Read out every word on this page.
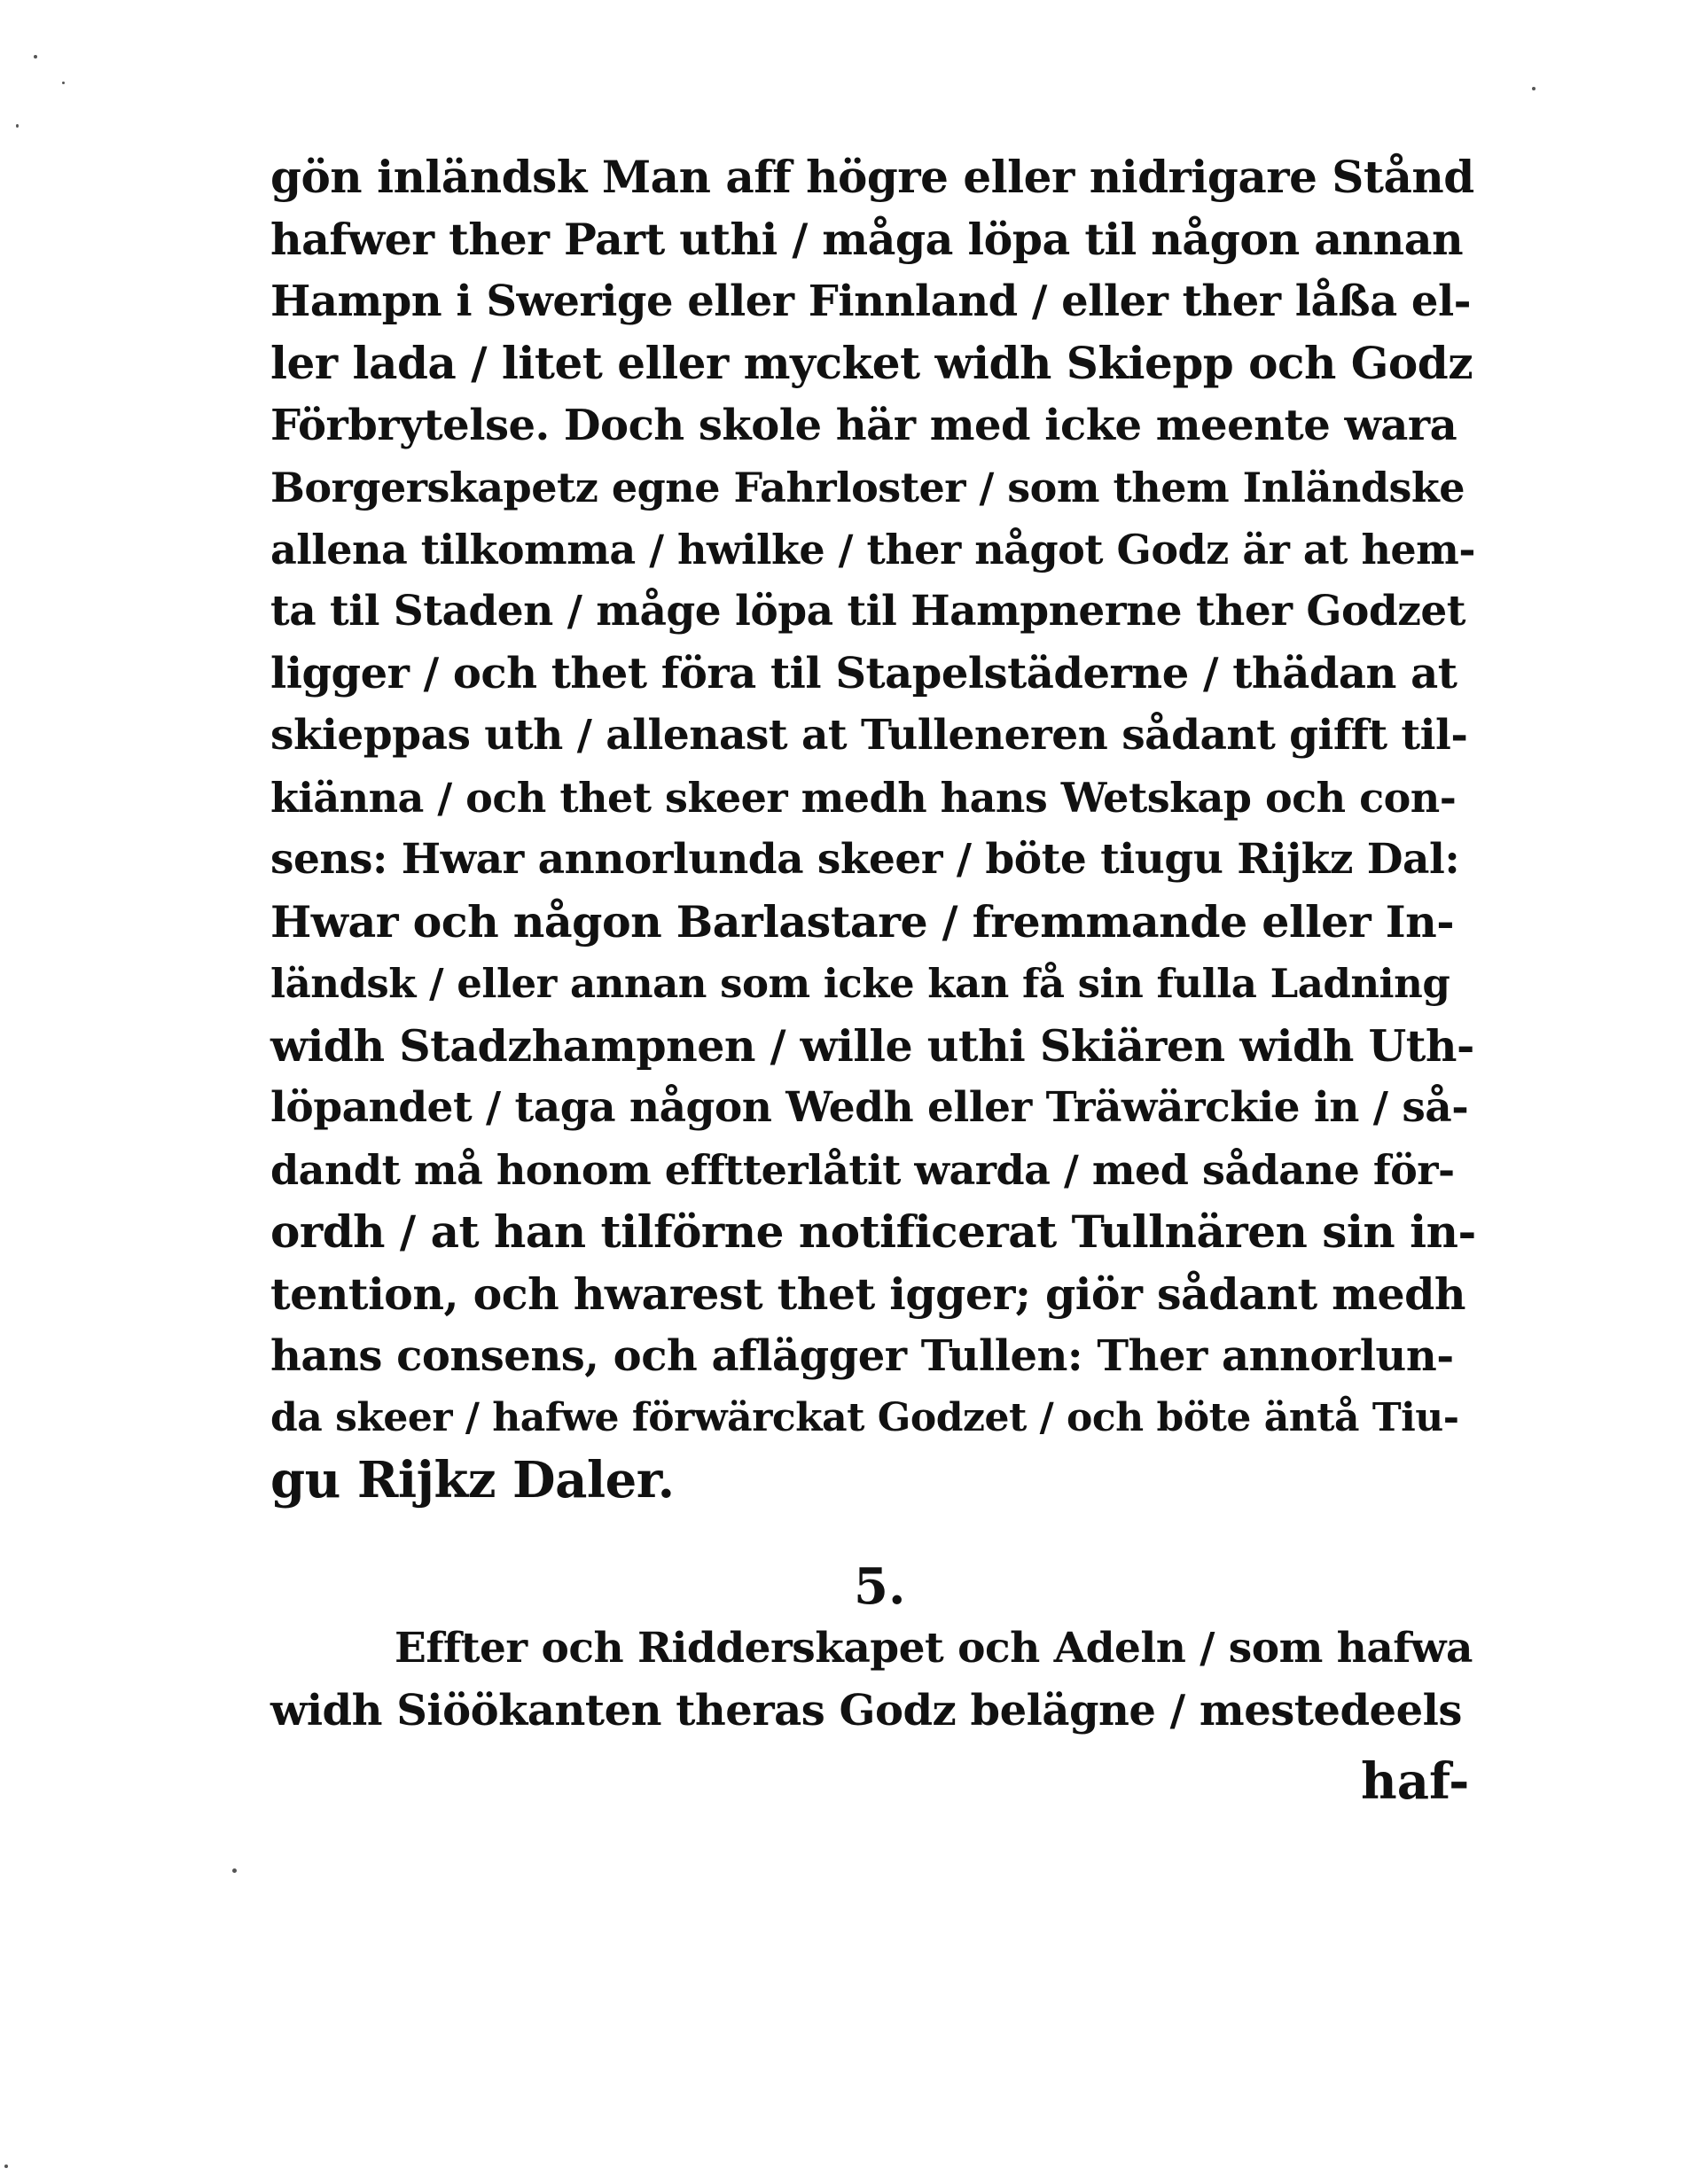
gön inländsk Man aff högre eller nidrigare Stånd
hafwer ther Part uthi / måga löpa til någon annan
Hampn i Swerige eller Finnland / eller ther låßa el-
ler lada / litet eller mycket widh Skiepp och Godz
Förbrytelse. Doch skole här med icke meente wara
Borgerskapetz egne Fahrloster / som them Inländske
allena tilkomma / hwilke / ther något Godz är at hem-
ta til Staden / måge löpa til Hampnerne ther Godzet
ligger / och thet föra til Stapelstäderne / thädan at
skieppas uth / allenast at Tulleneren sådant gifft til-
kiänna / och thet skeer medh hans Wetskap och con-
sens: Hwar annorlunda skeer / böte tiugu Rijkz Dal:
Hwar och någon Barlastare / fremmande eller In-
ländsk / eller annan som icke kan få sin fulla Ladning
widh Stadzhampnen / wille uthi Skiären widh Uth-
löpandet / taga någon Wedh eller Träwärckie in / så-
dandt må honom efftterlåtit warda / med sådane för-
ordh / at han tilförne notificerat Tullnären sin in-
tention, och hwarest thet igger; giör sådant medh
hans consens, och aflägger Tullen: Ther annorlun-
da skeer / hafwe förwärckat Godzet / och böte äntå Tiu-
gu Rijkz Daler.
5.
Effter och Ridderskapet och Adeln / som hafwa
widh Siöökanten theras Godz belägne / mestedeels
haf-
